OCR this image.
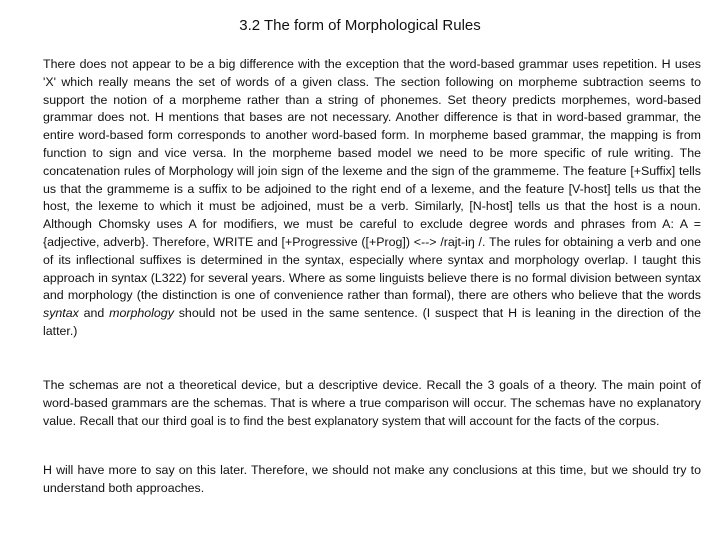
3.2 The form of Morphological Rules

There does not appear to be a big difference with the exception that the word-based grammar uses repetition. H uses 'X' which really means the set of words of a given class. The section following on morpheme subtraction seems to support the notion of a morpheme rather than a string of phonemes. Set theory predicts morphemes, word-based grammar does not. H mentions that bases are not necessary. Another difference is that in word-based grammar, the entire word-based form corresponds to another word-based form. In morpheme based grammar, the mapping is from function to sign and vice versa. In the morpheme based model we need to be more specific of rule writing. The concatenation rules of Morphology will join sign of the lexeme and the sign of the grammeme. The feature [+Suffix] tells us that the grammeme is a suffix to be adjoined to the right end of a lexeme, and the feature [V-host] tells us that the host, the lexeme to which it must be adjoined, must be a verb. Similarly, [N-host] tells us that the host is a noun. Although Chomsky uses A for modifiers, we must be careful to exclude degree words and phrases from A: A = {adjective, adverb}. Therefore, WRITE and [+Progressive ([+Prog]) <--> /rajt-iŋ /. The rules for obtaining a verb and one of its inflectional suffixes is determined in the syntax, especially where syntax and morphology overlap. I taught this approach in syntax (L322) for several years. Where as some linguists believe there is no formal division between syntax and morphology (the distinction is one of convenience rather than formal), there are others who believe that the words syntax and morphology should not be used in the same sentence. (I suspect that H is leaning in the direction of the latter.)

The schemas are not a theoretical device, but a descriptive device. Recall the 3 goals of a theory. The main point of word-based grammars are the schemas. That is where a true comparison will occur. The schemas have no explanatory value. Recall that our third goal is to find the best explanatory system that will account for the facts of the corpus.

H will have more to say on this later. Therefore, we should not make any conclusions at this time, but we should try to understand both approaches.
